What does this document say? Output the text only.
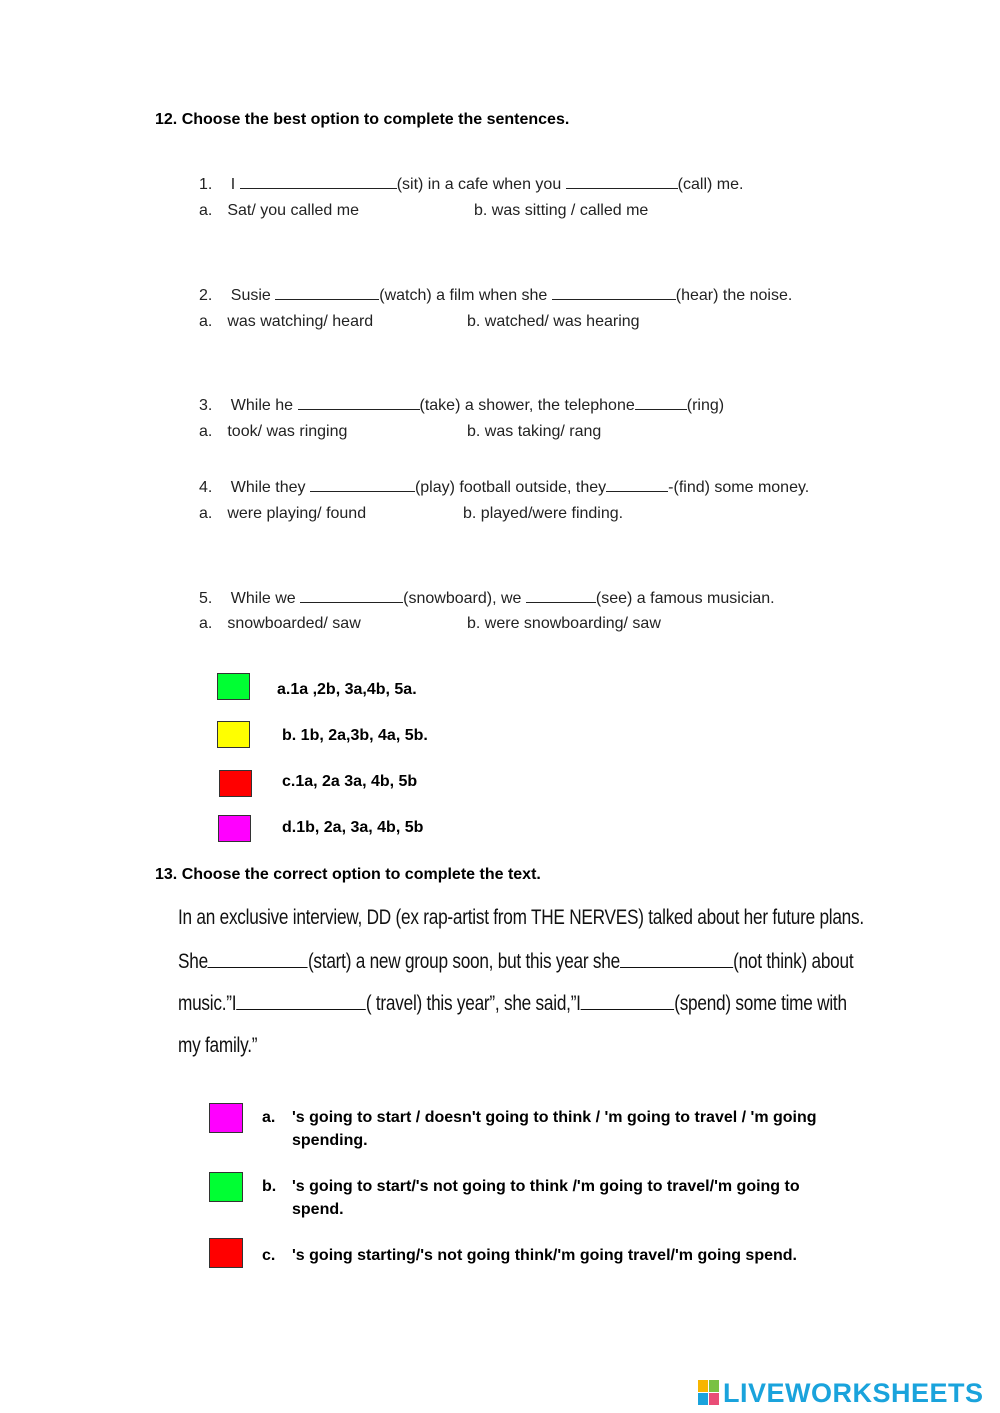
12. Choose the best option to complete the sentences.
1. I	(sit) in a cafe when you	(call) me.
a. Sat/ you called me	b. was sitting / called me
2. Susie	(watch) a film when she	(hear) the noise.
a. was watching/ heard	b. watched/ was hearing
3. While he	(take) a shower, the telephone	(ring)
a. took/ was ringing	b. was taking/ rang
4. While they	(play) football outside, they	-(find) some money.
a. were playing/ found	b. played/were finding.
5. While we	(snowboard), we	(see) a famous musician.
a. snowboarded/ saw	b. were snowboarding/ saw
a.1a ,2b, 3a,4b, 5a.
b. 1b, 2a,3b, 4a, 5b.
c.1a, 2a 3a, 4b, 5b
d.1b, 2a, 3a, 4b, 5b
13. Choose the correct option to complete the text.
In an exclusive interview, DD (ex rap-artist from THE NERVES) talked about her future plans.
She	(start) a new group soon, but this year she	(not think) about
music.”I	( travel) this year”, she said,”I	(spend) some time with
my family.”
a.	's going to start / doesn't going to think / 'm going to travel / 'm going spending.
b. 's going to start/'s not going to think /'m going to travel/'m going to spend.
c.	's going starting/'s not going think/'m going travel/'m going spend.
LIVEWORKSHEETS
